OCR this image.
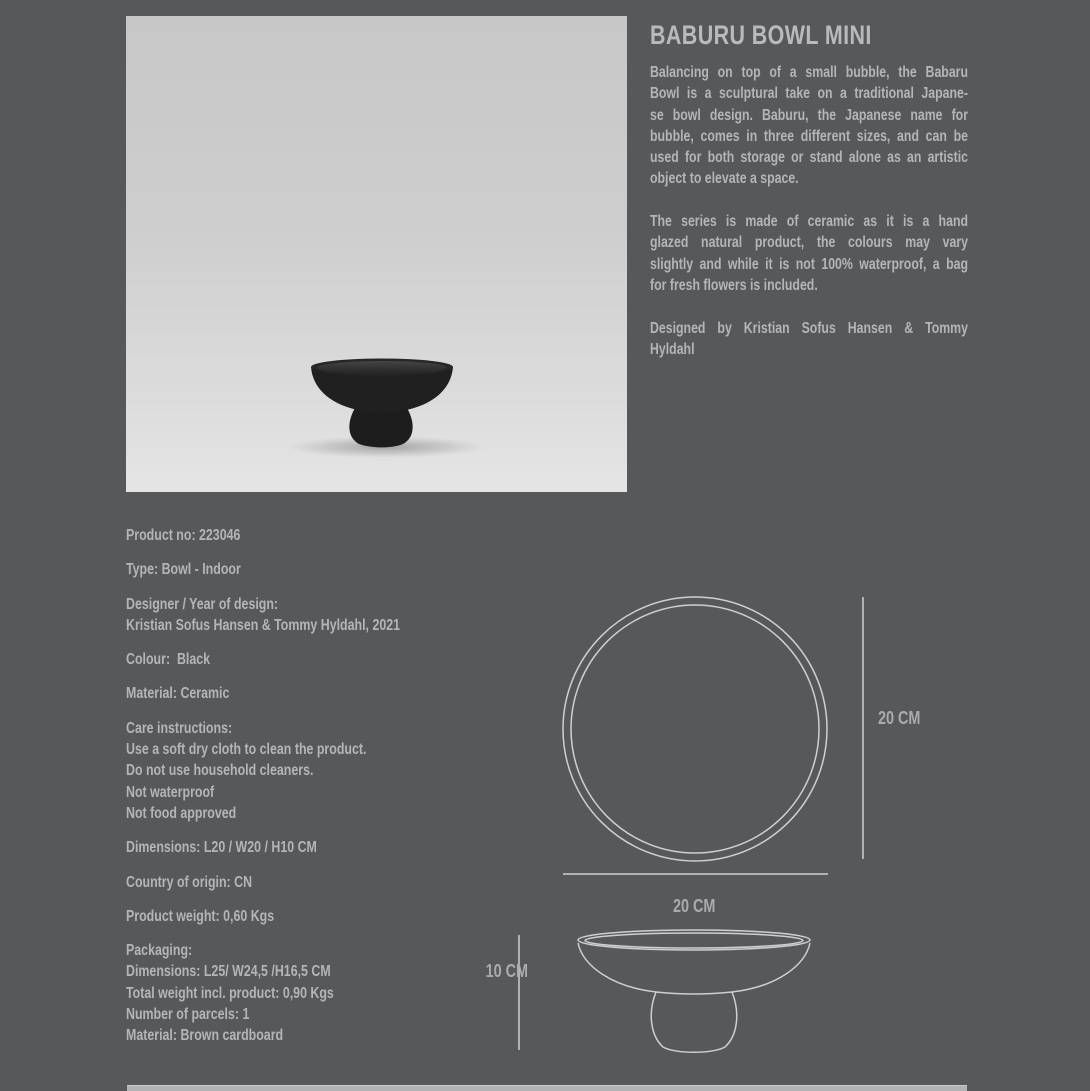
BABURU BOWL MINI
Balancing on top of a small bubble, the Babaru
Bowl is a sculptural take on a traditional Japane-
se bowl design. Baburu, the Japanese name for
bubble, comes in three different sizes, and can be
used for both storage or stand alone as an artistic
object to elevate a space.
The series is made of ceramic as it is a hand
glazed natural product, the colours may vary
slightly and while it is not 100% waterproof, a bag
for fresh flowers is included.
Designed by Kristian Sofus Hansen & Tommy
Hyldahl
Product no: 223046
Type: Bowl - Indoor
Designer / Year of design:
Kristian Sofus Hansen & Tommy Hyldahl, 2021
Colour:  Black
Material: Ceramic
Care instructions:
Use a soft dry cloth to clean the product.
Do not use household cleaners.
Not waterproof
Not food approved
Dimensions: L20 / W20 / H10 CM
Country of origin: CN
Product weight: 0,60 Kgs
Packaging:
Dimensions: L25/ W24,5 /H16,5 CM
Total weight incl. product: 0,90 Kgs
Number of parcels: 1
Material: Brown cardboard
20 CM
20 CM
10 CM
